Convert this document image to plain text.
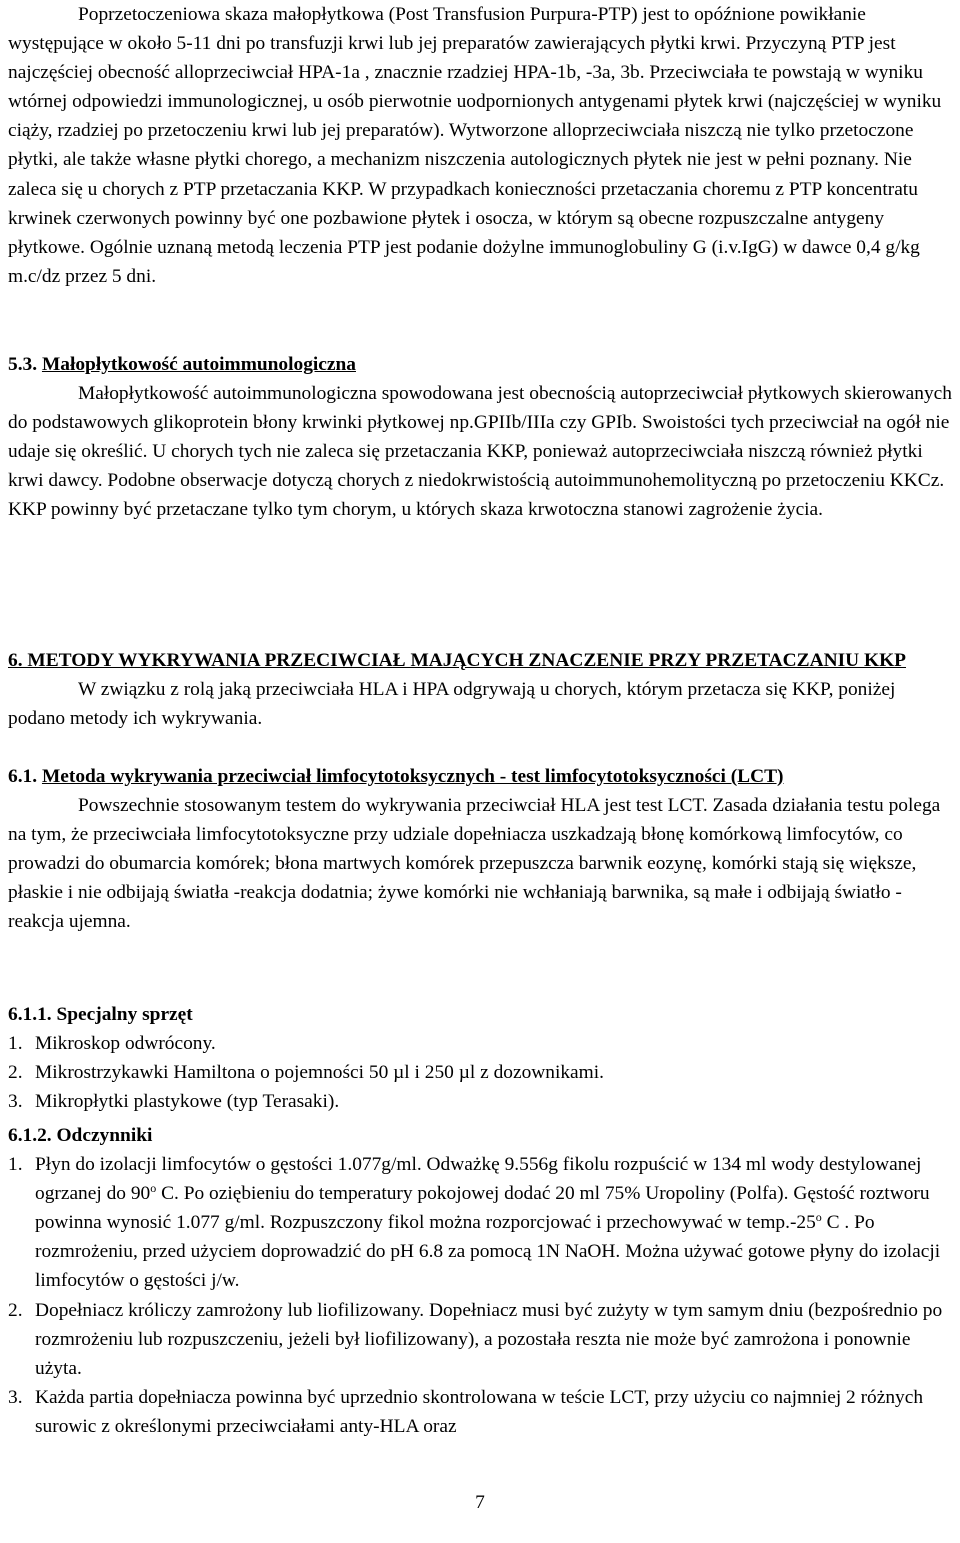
Poprzetoczeniowa skaza małopłytkowa (Post Transfusion Purpura-PTP) jest to opóźnione powikłanie występujące w około 5-11 dni po transfuzji krwi lub jej preparatów zawierających płytki krwi. Przyczyną PTP jest najczęściej obecność alloprzeciwciał HPA-1a , znacznie rzadziej HPA-1b, -3a, 3b. Przeciwciała te powstają w wyniku wtórnej odpowiedzi immunologicznej, u osób pierwotnie uodpornionych antygenami płytek krwi (najczęściej w wyniku ciąży, rzadziej po przetoczeniu krwi lub jej preparatów). Wytworzone alloprzeciwciała niszczą nie tylko przetoczone płytki, ale także własne płytki chorego, a mechanizm niszczenia autologicznych płytek nie jest w pełni poznany. Nie zaleca się u chorych z PTP przetaczania KKP. W przypadkach konieczności przetaczania choremu z PTP koncentratu krwinek czerwonych powinny być one pozbawione płytek i osocza, w którym są obecne rozpuszczalne antygeny płytkowe. Ogólnie uznaną metodą leczenia PTP jest podanie dożylne immunoglobuliny G (i.v.IgG) w dawce 0,4 g/kg m.c/dz przez 5 dni.

5.3. Małopłytkowość autoimmunologiczna

Małopłytkowość autoimmunologiczna spowodowana jest obecnością autoprzeciwciał płytkowych skierowanych do podstawowych glikoprotein błony krwinki płytkowej np.GPIIb/IIIa czy GPIb. Swoistości tych przeciwciał na ogół nie udaje się określić. U chorych tych nie zaleca się przetaczania KKP, ponieważ autoprzeciwciała niszczą również płytki krwi dawcy. Podobne obserwacje dotyczą chorych z niedokrwistością autoimmunohemolityczną po przetoczeniu KKCz. KKP powinny być przetaczane tylko tym chorym, u których skaza krwotoczna stanowi zagrożenie życia.

6. METODY WYKRYWANIA PRZECIWCIAŁ MAJĄCYCH ZNACZENIE PRZY PRZETACZANIU KKP

W związku z rolą jaką przeciwciała HLA i HPA odgrywają u chorych, którym przetacza się KKP, poniżej podano metody ich wykrywania.

6.1. Metoda wykrywania przeciwciał limfocytotoksycznych - test limfocytotoksyczności (LCT)

Powszechnie stosowanym testem do wykrywania przeciwciał HLA jest test LCT. Zasada działania testu polega na tym, że przeciwciała limfocytotoksyczne przy udziale dopełniacza uszkadzają błonę komórkową limfocytów, co prowadzi do obumarcia komórek; błona martwych komórek przepuszcza barwnik eozynę, komórki stają się większe, płaskie i nie odbijają światła -reakcja dodatnia; żywe komórki nie wchłaniają barwnika, są małe i odbijają światło - reakcja ujemna.

6.1.1. Specjalny sprzęt

1. Mikroskop odwrócony.
2. Mikrostrzykawki Hamiltona o pojemności 50 µl i 250 µl z dozownikami.
3. Mikropłytki plastykowe (typ Terasaki).

6.1.2. Odczynniki

1. Płyn do izolacji limfocytów o gęstości 1.077g/ml. Odważkę 9.556g fikolu rozpuścić w 134 ml wody destylowanej ogrzanej do 90$^o$ C. Po oziębieniu do temperatury pokojowej dodać 20 ml 75% Uropoliny (Polfa). Gęstość roztworu powinna wynosić 1.077 g/ml. Rozpuszczony fikol można rozporcjować i przechowywać w temp.-25$^o$ C . Po rozmrożeniu, przed użyciem doprowadzić do pH 6.8 za pomocą 1N NaOH. Można używać gotowe płyny do izolacji limfocytów o gęstości j/w.
2. Dopełniacz króliczy zamrożony lub liofilizowany. Dopełniacz musi być zużyty w tym samym dniu (bezpośrednio po rozmrożeniu lub rozpuszczeniu, jeżeli był liofilizowany), a pozostała reszta nie może być zamrożona i ponownie użyta.
3. Każda partia dopełniacza powinna być uprzednio skontrolowana w teście LCT, przy użyciu co najmniej 2 różnych surowic z określonymi przeciwciałami anty-HLA oraz
7
